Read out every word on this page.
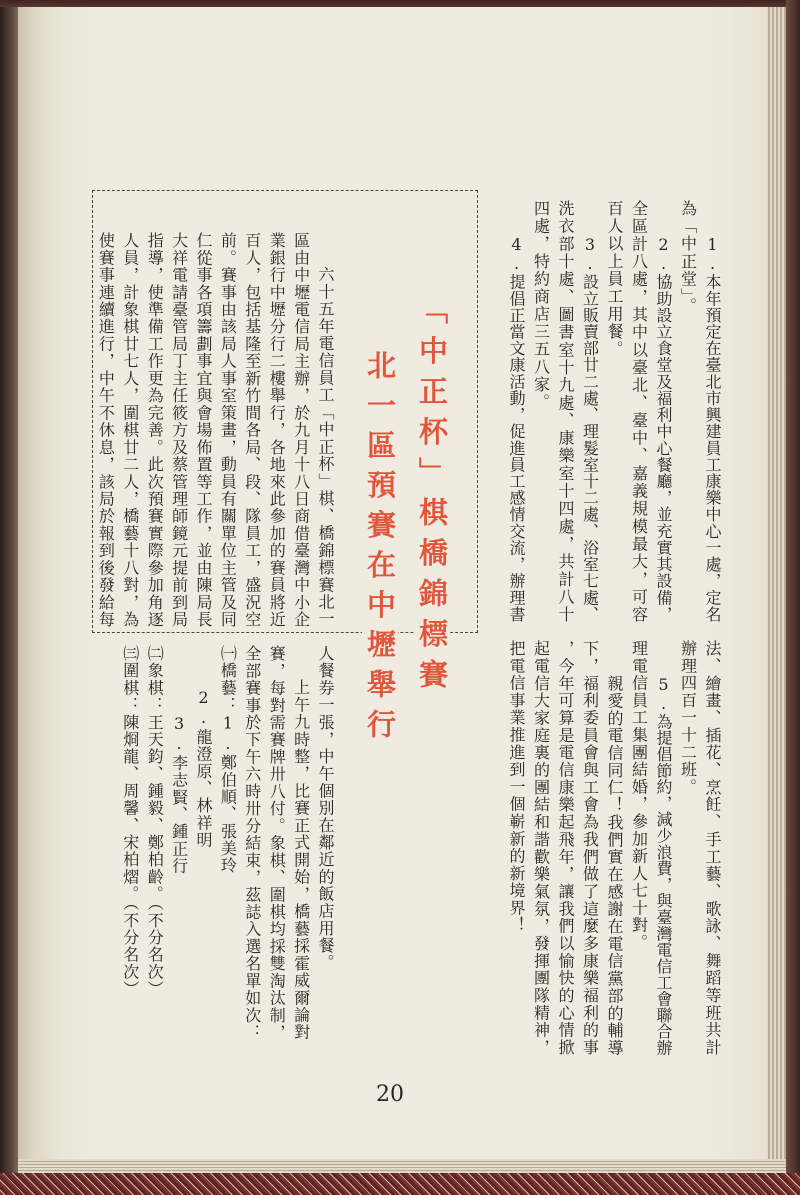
1.本年預定在臺北市興建員工康樂中心一處，定名
為「中正堂」。
2.協助設立食堂及福利中心餐廳，並充實其設備，
全區計八處，其中以臺北、臺中、嘉義規模最大，可容
百人以上員工用餐。
3.設立販賣部廿二處、理髮室十二處、浴室七處、
洗衣部十處、圖書室十九處、康樂室十四處，共計八十
四處，特約商店三五八家。
4.提倡正當文康活動，促進員工感情交流，辦理書
法、繪畫、插花、烹飪、手工藝、歌詠、舞蹈等班共計
辦理四百一十二班。
5.為提倡節約，減少浪費，與臺灣電信工會聯合辦
理電信員工集團結婚，參加新人七十對。
親愛的電信同仁！我們實在感謝在電信黨部的輔導
下，福利委員會與工會為我們做了這麼多康樂福利的事
，今年可算是電信康樂起飛年，讓我們以愉快的心情掀
起電信大家庭裏的團結和諧歡樂氣氛，發揮團隊精神，
把電信事業推進到一個嶄新的新境界！
六十五年電信員工「中正杯」棋、橋錦標賽北一
區由中壢電信局主辦，於九月十八日商借臺灣中小企
業銀行中壢分行二樓舉行，各地來此參加的賽員將近
百人，包括基隆至新竹間各局、段、隊員工，盛況空
前。賽事由該局人事室策畫，動員有關單位主管及同
仁從事各項籌劃事宜與會場佈置等工作，並由陳局長
大祥電請臺管局丁主任筱方及蔡管理師鏡元提前到局
指導，使準備工作更為完善。此次預賽實際參加角逐
人員，計象棋廿七人，圍棋廿二人，橋藝十八對，為
使賽事連續進行，中午不休息，該局於報到後發給每
人餐券一張，中午個別在鄰近的飯店用餐。
上午九時整，比賽正式開始，橋藝採霍威爾論對
賽，每對需賽牌卅八付。象棋、圍棋均採雙淘汰制，
全部賽事於下午六時卅分結束，茲誌入選名單如次：
㈠橋藝：1.鄭伯順、張美玲
2.龍澄原、林祥明
3.李志賢、鍾正行
㈡象棋：王天鈞、鍾毅、鄭柏齡。（不分名次）
㈢圍棋：陳烱龍、周馨、宋柏熠。（不分名次）
「中正杯」棋橋錦標賽
北一區預賽在中壢舉行
20
